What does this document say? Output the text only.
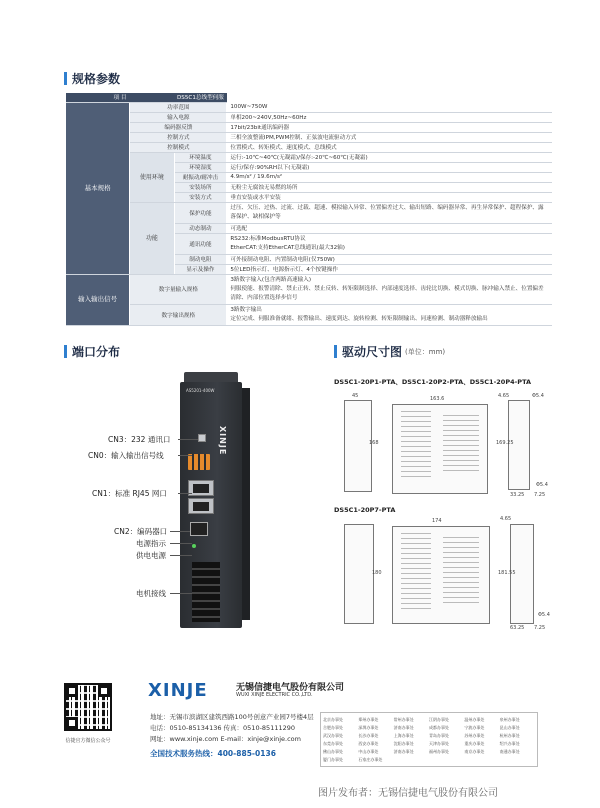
规格参数
项 目		DS5C1总线型伺服	
基本规格	功率范围		100W~750W
	输入电源		单相200~240V,50Hz~60Hz
	编码器反馈		17bit/23bit通讯编码器
	控制方式		三相全波整流IPM,PWM控制、正弦波电流驱动方式
	控制模式		位置模式、转矩模式、速度模式、总线模式
	使用环境	环境温度	运行:-10℃~40℃(无凝霜)/保存:-20℃~60℃(无凝霜)
		环境湿度	运行/保存:90%RH以下(无凝霜)
		耐振动/耐冲击	4.9m/s² / 19.6m/s²
		安装场所	无粉尘无腐蚀无易燃的场所
		安装方式	垂直安装或水平安装
	功能	保护功能	过压、欠压、过热、过流、过载、超速、模拟输入异常、位置偏差过大、输出短路、编码器异常、再生异常保护、超程保护、露落保护、缺相保护等
		动态制动	可选配
		通讯功能	RS232:标准ModbusRTU协议
EtherCAT:支持EtherCAT总线通讯(最大32轴)
		制动电阻	可外接制动电阻、内置制动电阻(仅750W)
		显示及操作	5位LED指示灯、电源指示灯、4个按键操作
输入输出信号	数字量输入规格		3路数字输入(包含两路高速输入)
伺服使能、报警清除、禁止正转、禁止反转、转矩限制选择、内部速度选择、齿轮比切换、模式切换、脉冲输入禁止、位置偏差清除、内部位置选择步信号
	数字输出规格		3路数字输出
定位完成、伺服准备就绪、报警输出、速度到达、旋转检测、转矩限制输出、同速检测、制动器释放输出
端口分布
AS5201-400W
XINJE
CN3：232 通讯口
CN0：输入输出信号线
CN1：标准 RJ45 网口
CN2：编码器口
电源指示
供电电源
电机接线
驱动尺寸图 (单位：mm)
DS5C1-20P1-PTA、DS5C1-20P2-PTA、DS5C1-20P4-PTA
45
168
163.6	4.65	Φ5.4
169.25
Φ5.4
33.25 7.25
DS5C1-20P7-PTA
180
174	4.65
181.55
Φ5.4
63.25 7.25
信捷官方微信公众号
XINJE	无锡信捷电气股份有限公司
WUXI XINJE ELECTRIC CO.,LTD.
地址：无锡市滨湖区建筑西路100号创意产业园7号楼4层
电话：0510-85134136 传真：0510-85111290
网址：www.xinje.com E-mail：xinje@xinje.com
全国技术服务热线：400-885-0136
北京办事处	郑州办事处	常州办事处	江阴办事处	温州办事处	泉州办事处
合肥办事处	深圳办事处	济南办事处	成都办事处	宁波办事处	昆山办事处
武汉办事处	长沙办事处	上海办事处	青岛办事处	苏州办事处	杭州办事处
东莞办事处	西安办事处	沈阳办事处	天津办事处	重庆办事处	绍兴办事处
佛山办事处	中山办事处	济南办事处	福州办事处	南京办事处	南通办事处
厦门办事处	石家庄办事处
图片发布者：无锡信捷电气股份有限公司
